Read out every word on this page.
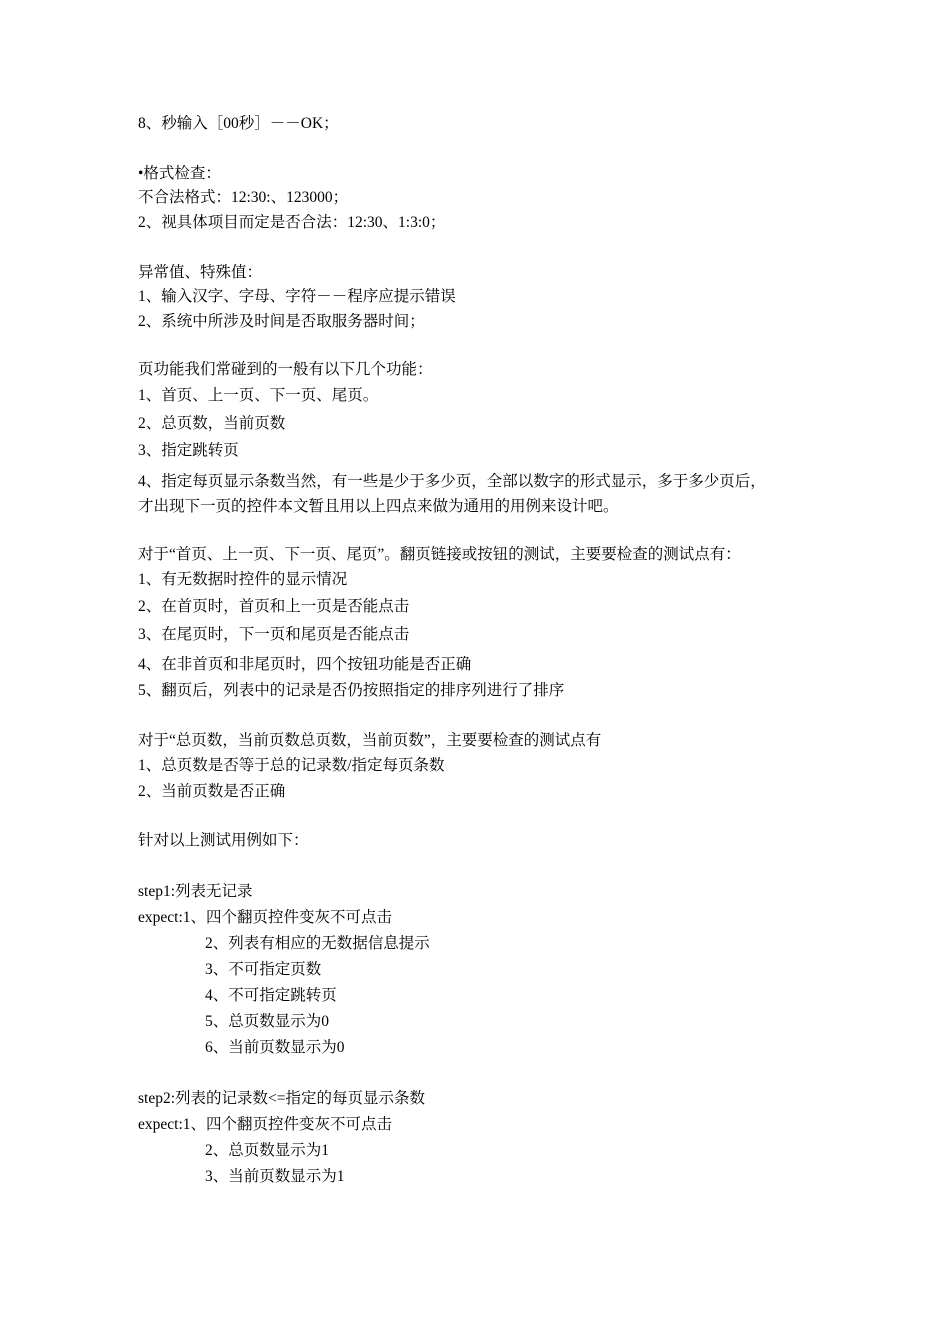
8、秒输入［00秒］－－OK；
•格式检查：
不合法格式：12:30:、123000；
2、视具体项目而定是否合法：12:30、1:3:0；
异常值、特殊值：
1、输入汉字、字母、字符－－程序应提示错误
2、系统中所涉及时间是否取服务器时间；
页功能我们常碰到的一般有以下几个功能：
1、首页、上一页、下一页、尾页。
2、总页数，当前页数
3、指定跳转页
4、指定每页显示条数当然，有一些是少于多少页，全部以数字的形式显示，多于多少页后，
才出现下一页的控件本文暂且用以上四点来做为通用的用例来设计吧。
对于“首页、上一页、下一页、尾页”。翻页链接或按钮的测试，主要要检查的测试点有：
1、有无数据时控件的显示情况
2、在首页时，首页和上一页是否能点击
3、在尾页时，下一页和尾页是否能点击
4、在非首页和非尾页时，四个按钮功能是否正确
5、翻页后，列表中的记录是否仍按照指定的排序列进行了排序
对于“总页数，当前页数总页数，当前页数”，主要要检查的测试点有
1、总页数是否等于总的记录数/指定每页条数
2、当前页数是否正确
针对以上测试用例如下：
step1:列表无记录
expect:1、四个翻页控件变灰不可点击
2、列表有相应的无数据信息提示
3、不可指定页数
4、不可指定跳转页
5、总页数显示为0
6、当前页数显示为0
step2:列表的记录数<=指定的每页显示条数
expect:1、四个翻页控件变灰不可点击
2、总页数显示为1
3、当前页数显示为1
